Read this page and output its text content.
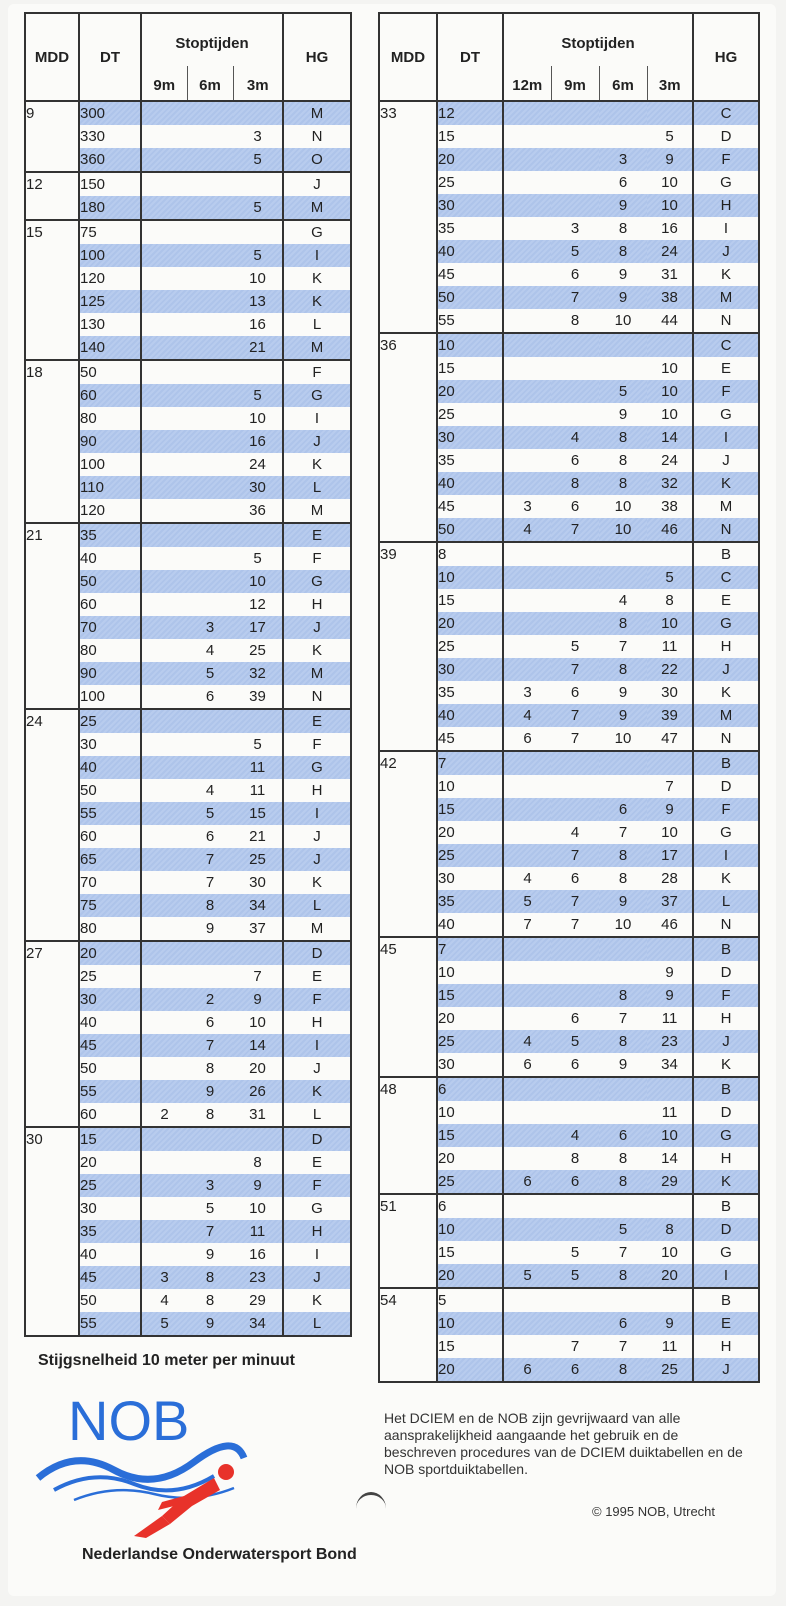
MDD	DT	Stoptijden			HG
		9m	6m	3m	
9	300				M
	330			3	N
	360			5	O
12	150				J
	180			5	M
15	75				G
	100			5	I
	120			10	K
	125			13	K
	130			16	L
	140			21	M
18	50				F
	60			5	G
	80			10	I
	90			16	J
	100			24	K
	110			30	L
	120			36	M
21	35				E
	40			5	F
	50			10	G
	60			12	H
	70		3	17	J
	80		4	25	K
	90		5	32	M
	100		6	39	N
24	25				E
	30			5	F
	40			11	G
	50		4	11	H
	55		5	15	I
	60		6	21	J
	65		7	25	J
	70		7	30	K
	75		8	34	L
	80		9	37	M
27	20				D
	25			7	E
	30		2	9	F
	40		6	10	H
	45		7	14	I
	50		8	20	J
	55		9	26	K
	60	2	8	31	L
30	15				D
	20			8	E
	25		3	9	F
	30		5	10	G
	35		7	11	H
	40		9	16	I
	45	3	8	23	J
	50	4	8	29	K
	55	5	9	34	L
MDD	DT	Stoptijden				HG
		12m	9m	6m	3m	
33	12					C
	15				5	D
	20			3	9	F
	25			6	10	G
	30			9	10	H
	35		3	8	16	I
	40		5	8	24	J
	45		6	9	31	K
	50		7	9	38	M
	55		8	10	44	N
36	10					C
	15				10	E
	20			5	10	F
	25			9	10	G
	30		4	8	14	I
	35		6	8	24	J
	40		8	8	32	K
	45	3	6	10	38	M
	50	4	7	10	46	N
39	8					B
	10				5	C
	15			4	8	E
	20			8	10	G
	25		5	7	11	H
	30		7	8	22	J
	35	3	6	9	30	K
	40	4	7	9	39	M
	45	6	7	10	47	N
42	7					B
	10				7	D
	15			6	9	F
	20		4	7	10	G
	25		7	8	17	I
	30	4	6	8	28	K
	35	5	7	9	37	L
	40	7	7	10	46	N
45	7					B
	10				9	D
	15			8	9	F
	20		6	7	11	H
	25	4	5	8	23	J
	30	6	6	9	34	K
48	6					B
	10				11	D
	15		4	6	10	G
	20		8	8	14	H
	25	6	6	8	29	K
51	6					B
	10			5	8	D
	15		5	7	10	G
	20	5	5	8	20	I
54	5					B
	10			6	9	E
	15		7	7	11	H
	20	6	6	8	25	J
Stijgsnelheid 10 meter per minuut
NOB
Nederlandse Onderwatersport Bond
Het DCIEM en de NOB zijn gevrijwaard van alle aansprakelijkheid aangaande het gebruik en de beschreven procedures van de DCIEM duiktabellen en de NOB sportduiktabellen.
© 1995 NOB, Utrecht
